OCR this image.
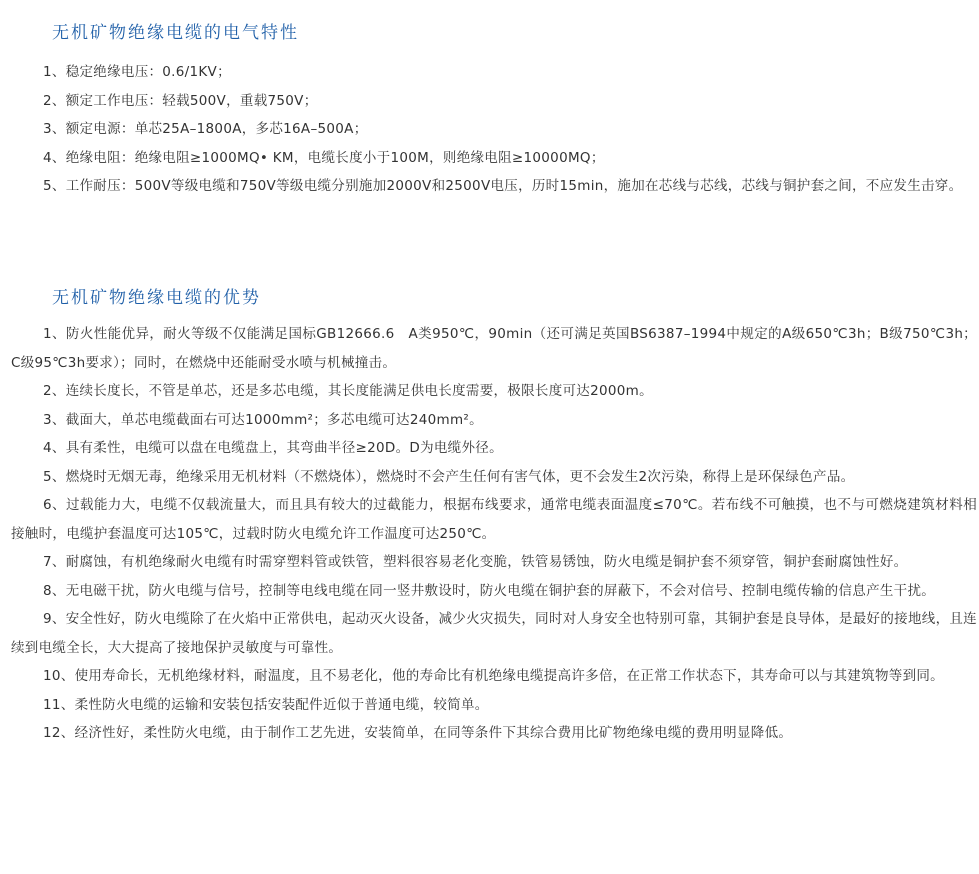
无机矿物绝缘电缆的电气特性
1、稳定绝缘电压：0.6/1KV；
2、额定工作电压：轻载500V，重载750V；
3、额定电源：单芯25A–1800A，多芯16A–500A；
4、绝缘电阻：绝缘电阻≥1000MQ• KM，电缆长度小于100M，则绝缘电阻≥10000MQ；
5、工作耐压：500V等级电缆和750V等级电缆分别施加2000V和2500V电压，历时15min，施加在芯线与芯线，芯线与铜护套之间，不应发生击穿。
无机矿物绝缘电缆的优势
1、防火性能优异，耐火等级不仅能满足国标GB12666.6　A类950℃，90min（还可满足英国BS6387–1994中规定的A级650℃3h；B级750℃3h；C级95℃3h要求）；同时，在燃烧中还能耐受水喷与机械撞击。
2、连续长度长，不管是单芯，还是多芯电缆，其长度能满足供电长度需要，极限长度可达2000m。
3、截面大，单芯电缆截面右可达1000mm²；多芯电缆可达240mm²。
4、具有柔性，电缆可以盘在电缆盘上，其弯曲半径≥20D。D为电缆外径。
5、燃烧时无烟无毒，绝缘采用无机材料（不燃烧体），燃烧时不会产生任何有害气体，更不会发生2次污染，称得上是环保绿色产品。
6、过载能力大，电缆不仅载流量大，而且具有较大的过截能力，根据布线要求，通常电缆表面温度≤70℃。若布线不可触摸，也不与可燃烧建筑材料相接触时，电缆护套温度可达105℃，过载时防火电缆允许工作温度可达250℃。
7、耐腐蚀，有机绝缘耐火电缆有时需穿塑料管或铁管，塑料很容易老化变脆，铁管易锈蚀，防火电缆是铜护套不须穿管，铜护套耐腐蚀性好。
8、无电磁干扰，防火电缆与信号，控制等电线电缆在同一竖井敷设时，防火电缆在铜护套的屏蔽下，不会对信号、控制电缆传输的信息产生干扰。
9、安全性好，防火电缆除了在火焰中正常供电，起动灭火设备，减少火灾损失，同时对人身安全也特别可靠，其铜护套是良导体，是最好的接地线，且连续到电缆全长，大大提高了接地保护灵敏度与可靠性。
10、使用寿命长，无机绝缘材料，耐温度，且不易老化，他的寿命比有机绝缘电缆提高许多倍，在正常工作状态下，其寿命可以与其建筑物等到同。
11、柔性防火电缆的运输和安装包括安装配件近似于普通电缆，较简单。
12、经济性好，柔性防火电缆，由于制作工艺先进，安装简单，在同等条件下其综合费用比矿物绝缘电缆的费用明显降低。
